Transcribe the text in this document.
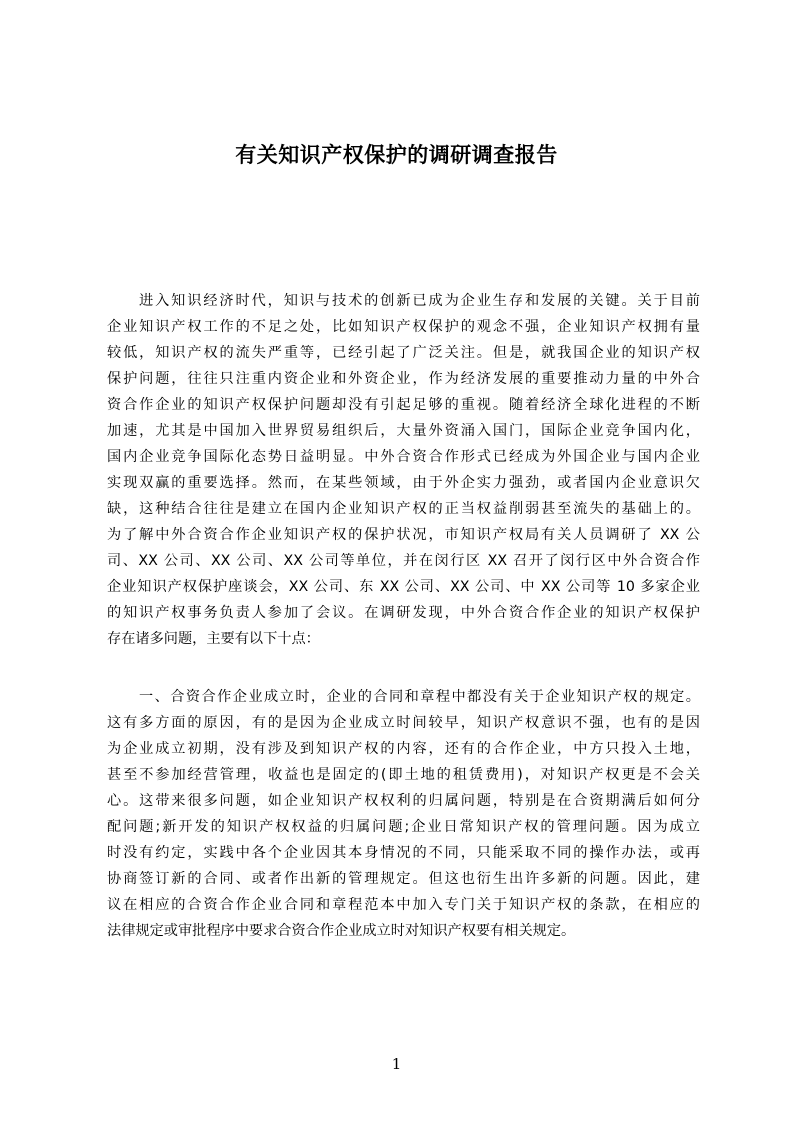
有关知识产权保护的调研调查报告
进入知识经济时代，知识与技术的创新已成为企业生存和发展的关键。关于目前
企业知识产权工作的不足之处，比如知识产权保护的观念不强，企业知识产权拥有量
较低，知识产权的流失严重等，已经引起了广泛关注。但是，就我国企业的知识产权
保护问题，往往只注重内资企业和外资企业，作为经济发展的重要推动力量的中外合
资合作企业的知识产权保护问题却没有引起足够的重视。随着经济全球化进程的不断
加速，尤其是中国加入世界贸易组织后，大量外资涌入国门，国际企业竞争国内化，
国内企业竞争国际化态势日益明显。中外合资合作形式已经成为外国企业与国内企业
实现双赢的重要选择。然而，在某些领域，由于外企实力强劲，或者国内企业意识欠
缺，这种结合往往是建立在国内企业知识产权的正当权益削弱甚至流失的基础上的。
为了解中外合资合作企业知识产权的保护状况，市知识产权局有关人员调研了 XX 公
司、XX 公司、XX 公司、XX 公司等单位，并在闵行区 XX 召开了闵行区中外合资合作
企业知识产权保护座谈会，XX 公司、东 XX 公司、XX 公司、中 XX 公司等 10 多家企业
的知识产权事务负责人参加了会议。在调研发现，中外合资合作企业的知识产权保护
存在诸多问题，主要有以下十点：
一、合资合作企业成立时，企业的合同和章程中都没有关于企业知识产权的规定。
这有多方面的原因，有的是因为企业成立时间较早，知识产权意识不强，也有的是因
为企业成立初期，没有涉及到知识产权的内容，还有的合作企业，中方只投入土地，
甚至不参加经营管理，收益也是固定的(即土地的租赁费用)，对知识产权更是不会关
心。这带来很多问题，如企业知识产权权利的归属问题，特别是在合资期满后如何分
配问题;新开发的知识产权权益的归属问题;企业日常知识产权的管理问题。因为成立
时没有约定，实践中各个企业因其本身情况的不同，只能采取不同的操作办法，或再
协商签订新的合同、或者作出新的管理规定。但这也衍生出许多新的问题。因此，建
议在相应的合资合作企业合同和章程范本中加入专门关于知识产权的条款，在相应的
法律规定或审批程序中要求合资合作企业成立时对知识产权要有相关规定。
1
